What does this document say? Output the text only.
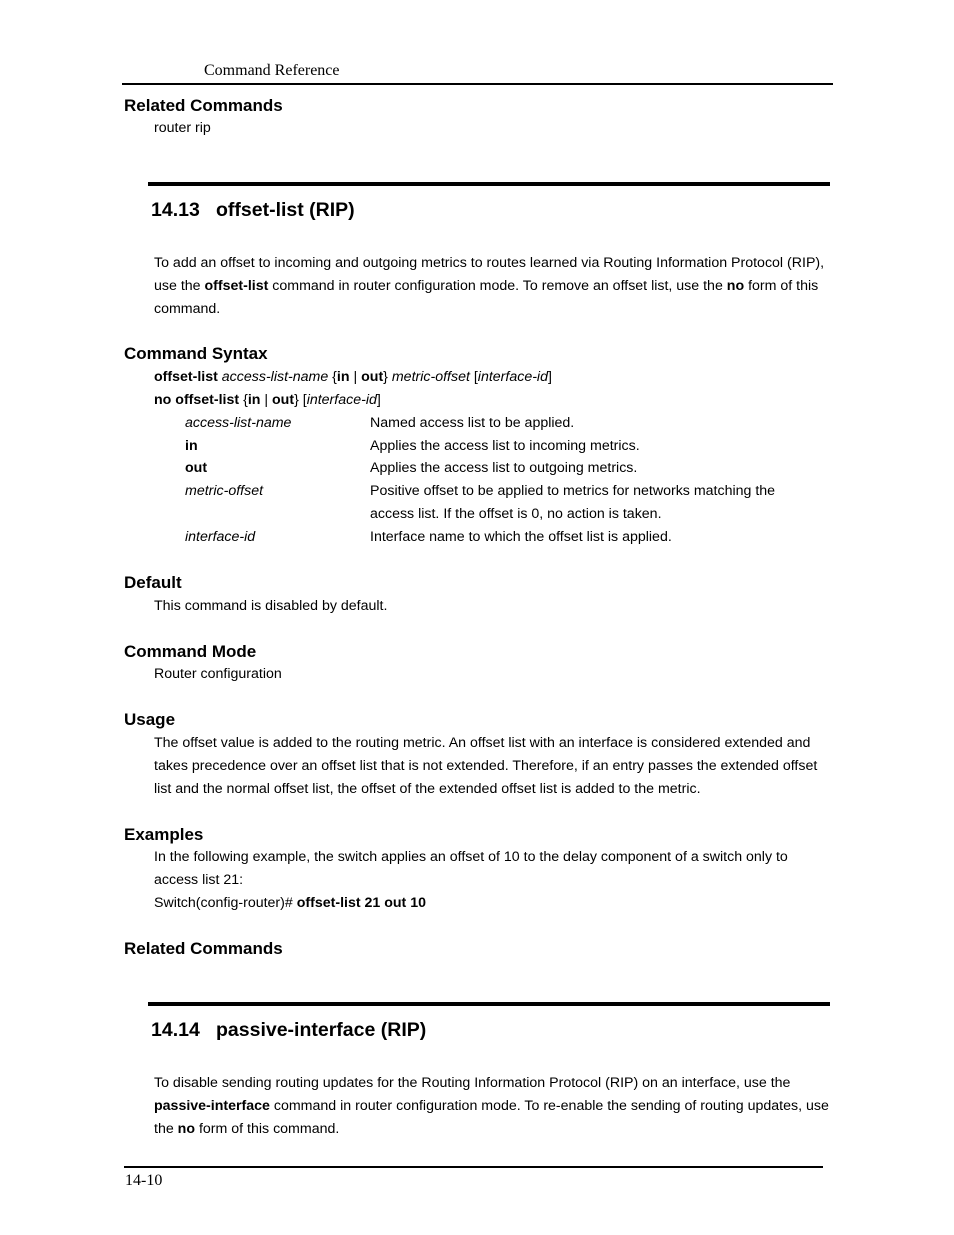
Command Reference
Related Commands
router rip
14.13 offset-list (RIP)
To add an offset to incoming and outgoing metrics to routes learned via Routing Information Protocol (RIP), use the offset-list command in router configuration mode. To remove an offset list, use the no form of this command.
Command Syntax
offset-list access-list-name {in | out} metric-offset [interface-id]
no offset-list {in | out} [interface-id]
access-list-name	Named access list to be applied.
in	Applies the access list to incoming metrics.
out	Applies the access list to outgoing metrics.
metric-offset	Positive offset to be applied to metrics for networks matching the access list. If the offset is 0, no action is taken.
interface-id	Interface name to which the offset list is applied.
Default
This command is disabled by default.
Command Mode
Router configuration
Usage
The offset value is added to the routing metric. An offset list with an interface is considered extended and takes precedence over an offset list that is not extended. Therefore, if an entry passes the extended offset list and the normal offset list, the offset of the extended offset list is added to the metric.
Examples
In the following example, the switch applies an offset of 10 to the delay component of a switch only to access list 21:
Switch(config-router)# offset-list 21 out 10
Related Commands
14.14 passive-interface (RIP)
To disable sending routing updates for the Routing Information Protocol (RIP) on an interface, use the passive-interface command in router configuration mode. To re-enable the sending of routing updates, use the no form of this command.
14-10
